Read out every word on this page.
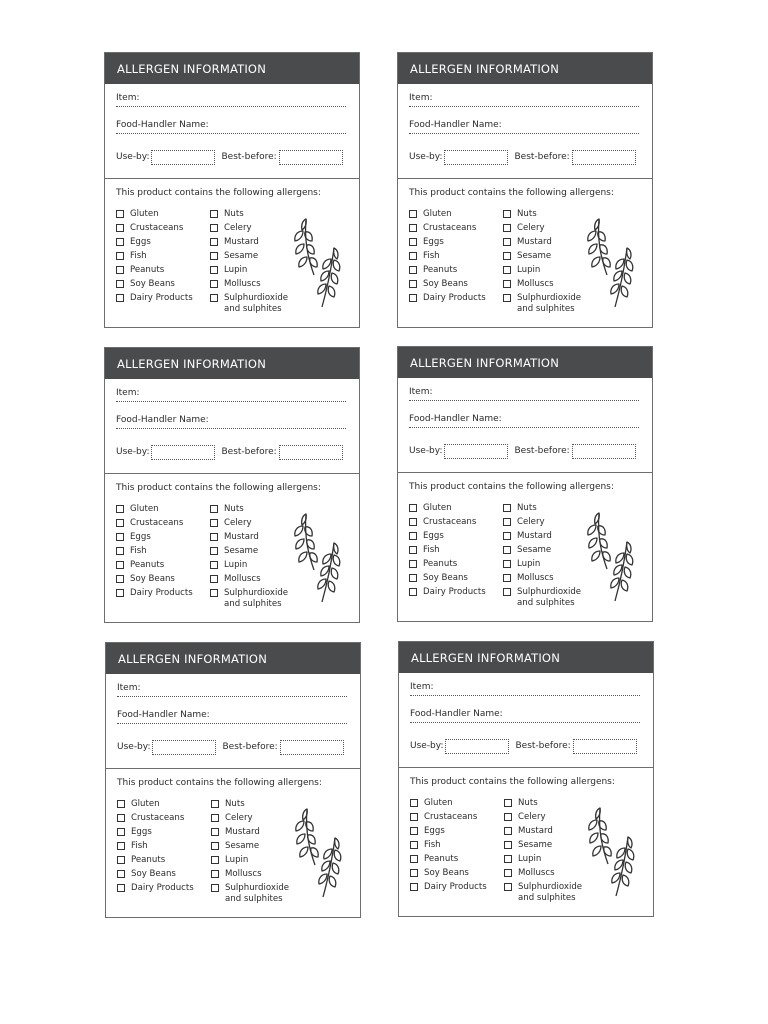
ALLERGEN INFORMATION
Item:
Food-Handler Name:
Use-by:	Best-before:
This product contains the following allergens:
Gluten
Crustaceans
Eggs
Fish
Peanuts
Soy Beans
Dairy Products
Nuts
Celery
Mustard
Sesame
Lupin
Molluscs
Sulphurdioxide
and sulphites
ALLERGEN INFORMATION
Item:
Food-Handler Name:
Use-by:	Best-before:
This product contains the following allergens:
Gluten
Crustaceans
Eggs
Fish
Peanuts
Soy Beans
Dairy Products
Nuts
Celery
Mustard
Sesame
Lupin
Molluscs
Sulphurdioxide
and sulphites
ALLERGEN INFORMATION
Item:
Food-Handler Name:
Use-by:	Best-before:
This product contains the following allergens:
Gluten
Crustaceans
Eggs
Fish
Peanuts
Soy Beans
Dairy Products
Nuts
Celery
Mustard
Sesame
Lupin
Molluscs
Sulphurdioxide
and sulphites
ALLERGEN INFORMATION
Item:
Food-Handler Name:
Use-by:	Best-before:
This product contains the following allergens:
Gluten
Crustaceans
Eggs
Fish
Peanuts
Soy Beans
Dairy Products
Nuts
Celery
Mustard
Sesame
Lupin
Molluscs
Sulphurdioxide
and sulphites
ALLERGEN INFORMATION
Item:
Food-Handler Name:
Use-by:	Best-before:
This product contains the following allergens:
Gluten
Crustaceans
Eggs
Fish
Peanuts
Soy Beans
Dairy Products
Nuts
Celery
Mustard
Sesame
Lupin
Molluscs
Sulphurdioxide
and sulphites
ALLERGEN INFORMATION
Item:
Food-Handler Name:
Use-by:	Best-before:
This product contains the following allergens:
Gluten
Crustaceans
Eggs
Fish
Peanuts
Soy Beans
Dairy Products
Nuts
Celery
Mustard
Sesame
Lupin
Molluscs
Sulphurdioxide
and sulphites
